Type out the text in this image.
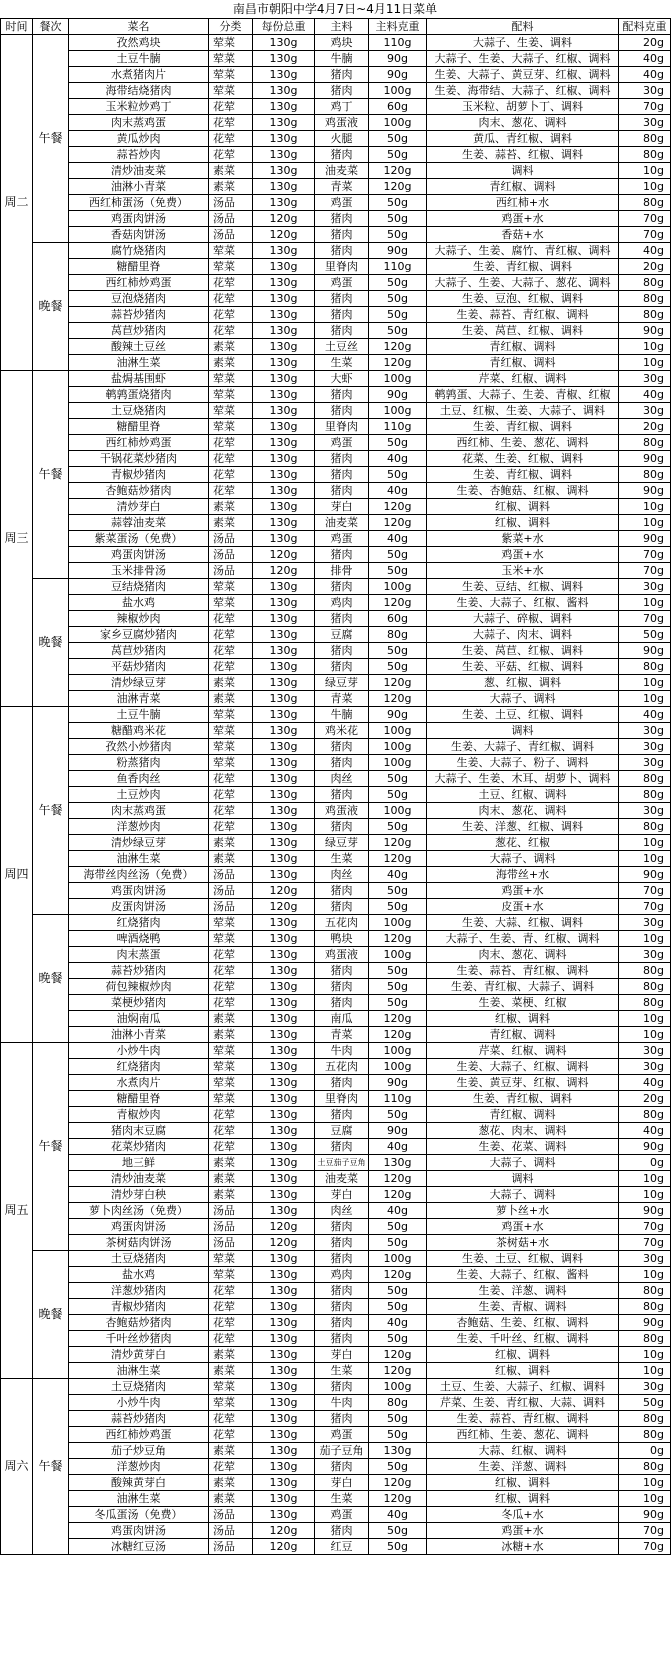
南昌市朝阳中学4月7日~4月11日菜单
时间	餐次	菜名	分类	每份总重	主料	主料克重	配料	配料克重
周二	午餐	孜然鸡块	荤菜	130g	鸡块	110g	大蒜子、生姜、调料	20g
		土豆牛腩	荤菜	130g	牛腩	90g	大蒜子、生姜、大蒜子、红椒、调料	40g
		水煮猪肉片	荤菜	130g	猪肉	90g	生姜、大蒜子、黄豆芽、红椒、调料	40g
		海带结烧猪肉	荤菜	130g	猪肉	100g	生姜、海带结、大蒜子、红椒、调料	30g
		玉米粒炒鸡丁	花荤	130g	鸡丁	60g	玉米粒、胡萝卜丁、调料	70g
		肉末蒸鸡蛋	花荤	130g	鸡蛋液	100g	肉末、葱花、调料	30g
		黄瓜炒肉	花荤	130g	火腿	50g	黄瓜、青红椒、调料	80g
		蒜苔炒肉	花荤	130g	猪肉	50g	生姜、蒜苔、红椒、调料	80g
		清炒油麦菜	素菜	130g	油麦菜	120g	调料	10g
		油淋小青菜	素菜	130g	青菜	120g	青红椒、调料	10g
		西红柿蛋汤（免费）	汤品	130g	鸡蛋	50g	西红柿+水	80g
		鸡蛋肉饼汤	汤品	120g	猪肉	50g	鸡蛋+水	70g
		香菇肉饼汤	汤品	120g	猪肉	50g	香菇+水	70g
	晚餐	腐竹烧猪肉	荤菜	130g	猪肉	90g	大蒜子、生姜、腐竹、青红椒、调料	40g
		糖醋里脊	荤菜	130g	里脊肉	110g	生姜、青红椒、调料	20g
		西红柿炒鸡蛋	花荤	130g	鸡蛋	50g	大蒜子、生姜、大蒜子、葱花、调料	80g
		豆泡烧猪肉	花荤	130g	猪肉	50g	生姜、豆泡、红椒、调料	80g
		蒜苔炒猪肉	花荤	130g	猪肉	50g	生姜、蒜苔、青红椒、调料	80g
		莴苣炒猪肉	花荤	130g	猪肉	50g	生姜、莴苣、红椒、调料	90g
		酸辣土豆丝	素菜	130g	土豆丝	120g	青红椒、调料	10g
		油淋生菜	素菜	130g	生菜	120g	青红椒、调料	10g
周三	午餐	盐焗基围虾	荤菜	130g	大虾	100g	芹菜、红椒、调料	30g
		鹌鹑蛋烧猪肉	荤菜	130g	猪肉	90g	鹌鹑蛋、大蒜子、生姜、青椒、红椒	40g
		土豆烧猪肉	荤菜	130g	猪肉	100g	土豆、红椒、生姜、大蒜子、调料	30g
		糖醋里脊	荤菜	130g	里脊肉	110g	生姜、青红椒、调料	20g
		西红柿炒鸡蛋	花荤	130g	鸡蛋	50g	西红柿、生姜、葱花、调料	80g
		干锅花菜炒猪肉	花荤	130g	猪肉	40g	花菜、生姜、红椒、调料	90g
		青椒炒猪肉	花荤	130g	猪肉	50g	生姜、青红椒、调料	80g
		杏鲍菇炒猪肉	花荤	130g	猪肉	40g	生姜、杏鲍菇、红椒、调料	90g
		清炒芽白	素菜	130g	芽白	120g	红椒、调料	10g
		蒜蓉油麦菜	素菜	130g	油麦菜	120g	红椒、调料	10g
		紫菜蛋汤（免费）	汤品	130g	鸡蛋	40g	紫菜+水	90g
		鸡蛋肉饼汤	汤品	120g	猪肉	50g	鸡蛋+水	70g
		玉米排骨汤	汤品	120g	排骨	50g	玉米+水	70g
	晚餐	豆结烧猪肉	荤菜	130g	猪肉	100g	生姜、豆结、红椒、调料	30g
		盐水鸡	荤菜	130g	鸡肉	120g	生姜、大蒜子、红椒、酱料	10g
		辣椒炒肉	花荤	130g	猪肉	60g	大蒜子、碎椒、调料	70g
		家乡豆腐炒猪肉	花荤	130g	豆腐	80g	大蒜子、肉末、调料	50g
		莴苣炒猪肉	花荤	130g	猪肉	50g	生姜、莴苣、红椒、调料	90g
		平菇炒猪肉	花荤	130g	猪肉	50g	生姜、平菇、红椒、调料	80g
		清炒绿豆芽	素菜	130g	绿豆芽	120g	葱、红椒、调料	10g
		油淋青菜	素菜	130g	青菜	120g	大蒜子、调料	10g
周四	午餐	土豆牛腩	荤菜	130g	牛腩	90g	生姜、土豆、红椒、调料	40g
		糖醋鸡米花	荤菜	130g	鸡米花	100g	调料	30g
		孜然小炒猪肉	荤菜	130g	猪肉	100g	生姜、大蒜子、青红椒、调料	30g
		粉蒸猪肉	荤菜	130g	猪肉	100g	生姜、大蒜子、粉子、调料	30g
		鱼香肉丝	花荤	130g	肉丝	50g	大蒜子、生姜、木耳、胡萝卜、调料	80g
		土豆炒肉	花荤	130g	猪肉	50g	土豆、红椒、调料	80g
		肉末蒸鸡蛋	花荤	130g	鸡蛋液	100g	肉末、葱花、调料	30g
		洋葱炒肉	花荤	130g	猪肉	50g	生姜、洋葱、红椒、调料	80g
		清炒绿豆芽	素菜	130g	绿豆芽	120g	葱花、红椒	10g
		油淋生菜	素菜	130g	生菜	120g	大蒜子、调料	10g
		海带丝肉丝汤（免费）	汤品	130g	肉丝	40g	海带丝+水	90g
		鸡蛋肉饼汤	汤品	120g	猪肉	50g	鸡蛋+水	70g
		皮蛋肉饼汤	汤品	120g	猪肉	50g	皮蛋+水	70g
	晚餐	红烧猪肉	荤菜	130g	五花肉	100g	生姜、大蒜、红椒、调料	30g
		啤酒烧鸭	荤菜	130g	鸭块	120g	大蒜子、生姜、青、红椒、调料	10g
		肉末蒸蛋	花荤	130g	鸡蛋液	100g	肉末、葱花、调料	30g
		蒜苔炒猪肉	花荤	130g	猪肉	50g	生姜、蒜苔、青红椒、调料	80g
		荷包辣椒炒肉	花荤	130g	猪肉	50g	生姜、青红椒、大蒜子、调料	80g
		菜梗炒猪肉	花荤	130g	猪肉	50g	生姜、菜梗、红椒	80g
		油焖南瓜	素菜	130g	南瓜	120g	红椒、调料	10g
		油淋小青菜	素菜	130g	青菜	120g	青红椒、调料	10g
周五	午餐	小炒牛肉	荤菜	130g	牛肉	100g	芹菜、红椒、调料	30g
		红烧猪肉	荤菜	130g	五花肉	100g	生姜、大蒜子、红椒、调料	30g
		水煮肉片	荤菜	130g	猪肉	90g	生姜、黄豆芽、红椒、调料	40g
		糖醋里脊	荤菜	130g	里脊肉	110g	生姜、青红椒、调料	20g
		青椒炒肉	花荤	130g	猪肉	50g	青红椒、调料	80g
		猪肉末豆腐	花荤	130g	豆腐	90g	葱花、肉末、调料	40g
		花菜炒猪肉	花荤	130g	猪肉	40g	生姜、花菜、调料	90g
		地三鲜	素菜	130g	土豆茄子豆角	130g	大蒜子、调料	0g
		清炒油麦菜	素菜	130g	油麦菜	120g	调料	10g
		清炒芽白秧	素菜	130g	芽白	120g	大蒜子、调料	10g
		萝卜肉丝汤（免费）	汤品	130g	肉丝	40g	萝卜丝+水	90g
		鸡蛋肉饼汤	汤品	120g	猪肉	50g	鸡蛋+水	70g
		茶树菇肉饼汤	汤品	120g	猪肉	50g	茶树菇+水	70g
	晚餐	土豆烧猪肉	荤菜	130g	猪肉	100g	生姜、土豆、红椒、调料	30g
		盐水鸡	荤菜	130g	鸡肉	120g	生姜、大蒜子、红椒、酱料	10g
		洋葱炒猪肉	花荤	130g	猪肉	50g	生姜、洋葱、调料	80g
		青椒炒猪肉	花荤	130g	猪肉	50g	生姜、青椒、调料	80g
		杏鲍菇炒猪肉	花荤	130g	猪肉	40g	杏鲍菇、生姜、红椒、调料	90g
		千叶丝炒猪肉	花荤	130g	猪肉	50g	生姜、千叶丝、红椒、调料	80g
		清炒黄芽白	素菜	130g	芽白	120g	红椒、调料	10g
		油淋生菜	素菜	130g	生菜	120g	红椒、调料	10g
周六	午餐	土豆烧猪肉	荤菜	130g	猪肉	100g	土豆、生姜、大蒜子、红椒、调料	30g
		小炒牛肉	荤菜	130g	牛肉	80g	芹菜、生姜、青红椒、大蒜、调料	50g
		蒜苔炒猪肉	花荤	130g	猪肉	50g	生姜、蒜苔、青红椒、调料	80g
		西红柿炒鸡蛋	花荤	130g	鸡蛋	50g	西红柿、生姜、葱花、调料	80g
		茄子炒豆角	素菜	130g	茄子豆角	130g	大蒜、红椒、调料	0g
		洋葱炒肉	花荤	130g	猪肉	50g	生姜、洋葱、调料	80g
		酸辣黄芽白	素菜	130g	芽白	120g	红椒、调料	10g
		油淋生菜	素菜	130g	生菜	120g	红椒、调料	10g
		冬瓜蛋汤（免费）	汤品	130g	鸡蛋	40g	冬瓜+水	90g
		鸡蛋肉饼汤	汤品	120g	猪肉	50g	鸡蛋+水	70g
		冰糖红豆汤	汤品	120g	红豆	50g	冰糖+水	70g
